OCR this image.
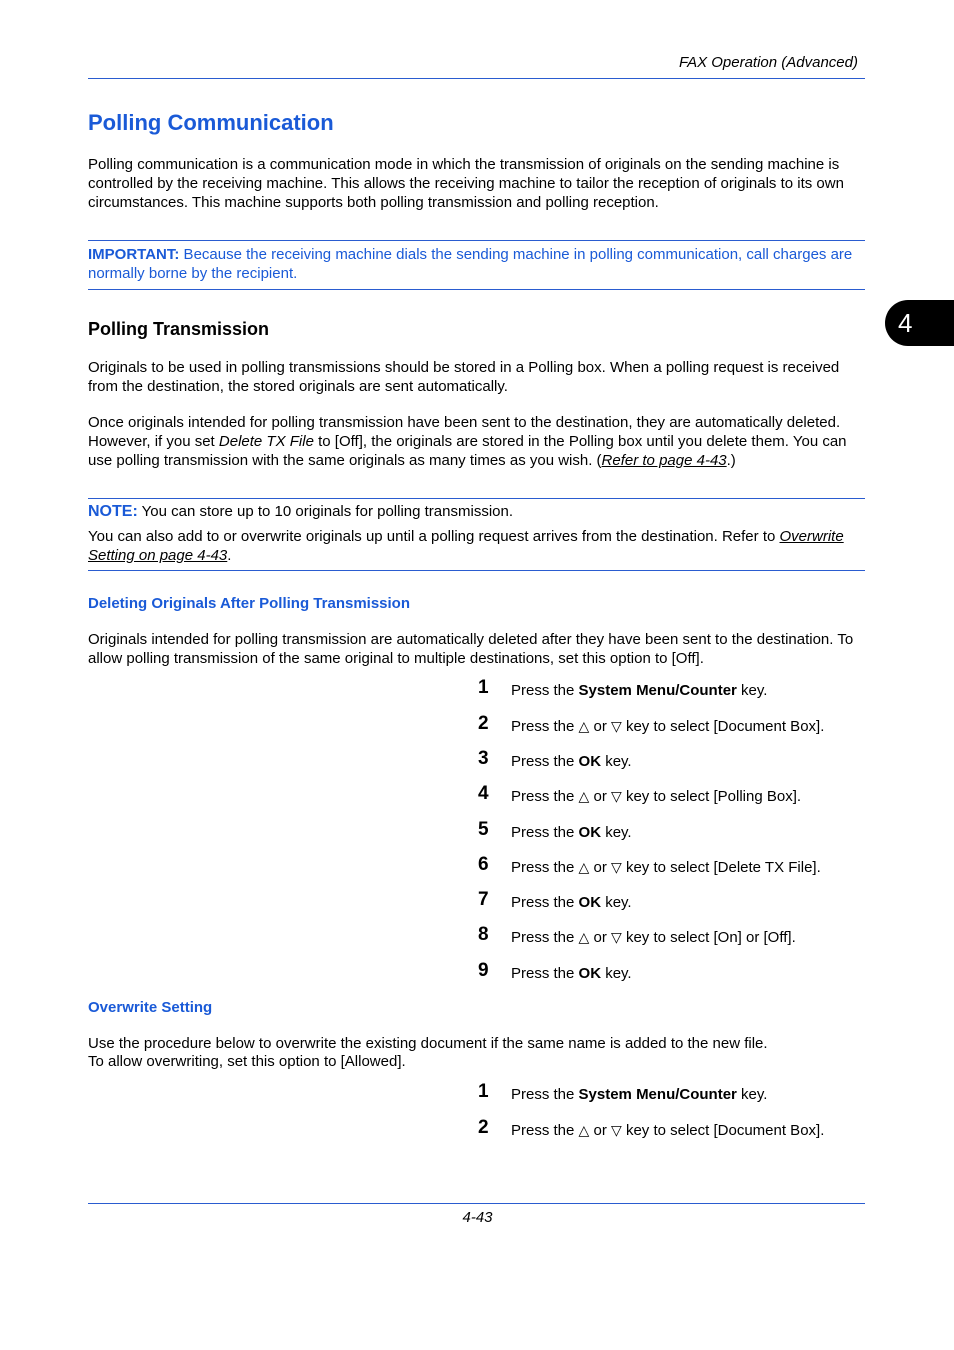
FAX Operation (Advanced)
4
Polling Communication
Polling communication is a communication mode in which the transmission of originals on the sending machine is controlled by the receiving machine. This allows the receiving machine to tailor the reception of originals to its own circumstances. This machine supports both polling transmission and polling reception.
IMPORTANT: Because the receiving machine dials the sending machine in polling communication, call charges are normally borne by the recipient.
Polling Transmission
Originals to be used in polling transmissions should be stored in a Polling box. When a polling request is received from the destination, the stored originals are sent automatically.
Once originals intended for polling transmission have been sent to the destination, they are automatically deleted. However, if you set Delete TX File to [Off], the originals are stored in the Polling box until you delete them. You can use polling transmission with the same originals as many times as you wish. (Refer to page 4-43.)
NOTE: You can store up to 10 originals for polling transmission.
You can also add to or overwrite originals up until a polling request arrives from the destination. Refer to Overwrite Setting on page 4-43.
Deleting Originals After Polling Transmission
Originals intended for polling transmission are automatically deleted after they have been sent to the destination. To allow polling transmission of the same original to multiple destinations, set this option to [Off].
1 Press the System Menu/Counter key.
2 Press the △ or ▽ key to select [Document Box].
3 Press the OK key.
4 Press the △ or ▽ key to select [Polling Box].
5 Press the OK key.
6 Press the △ or ▽ key to select [Delete TX File].
7 Press the OK key.
8 Press the △ or ▽ key to select [On] or [Off].
9 Press the OK key.
Overwrite Setting
Use the procedure below to overwrite the existing document if the same name is added to the new file.
To allow overwriting, set this option to [Allowed].
1 Press the System Menu/Counter key.
2 Press the △ or ▽ key to select [Document Box].
4-43
